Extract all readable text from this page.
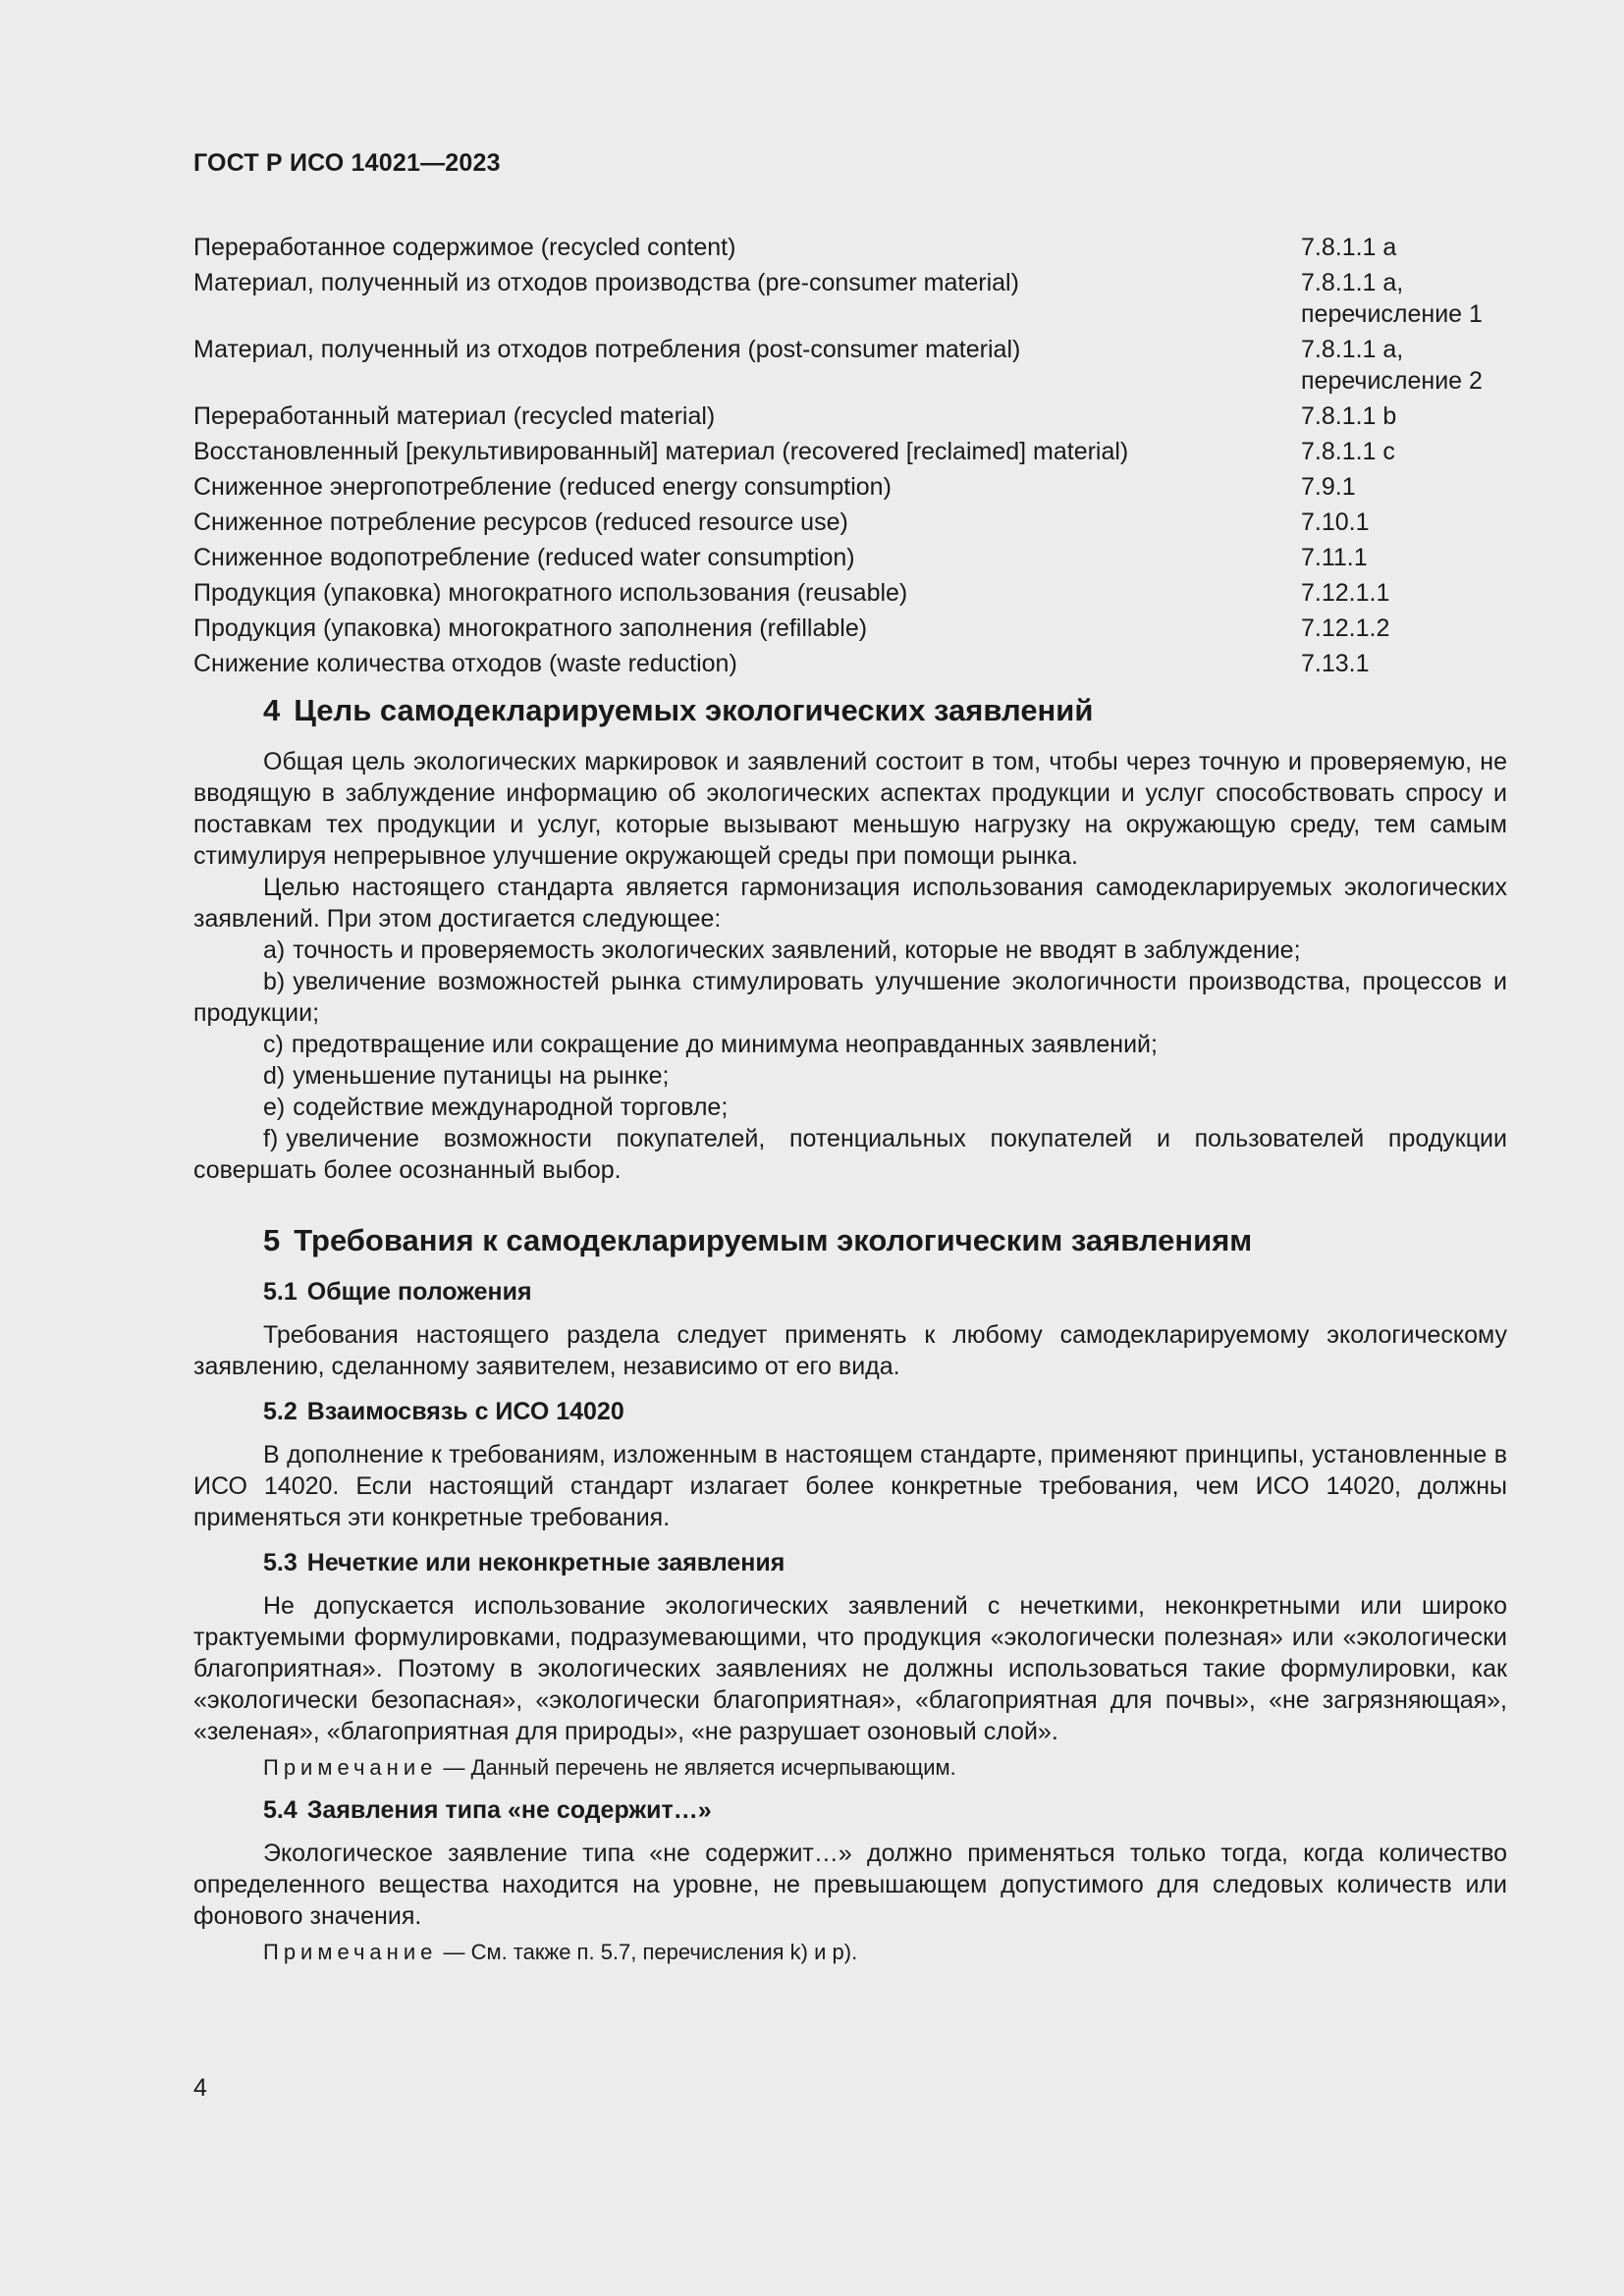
ГОСТ Р ИСО 14021—2023
Переработанное содержимое (recycled content)	7.8.1.1 a
Материал, полученный из отходов производства (pre-consumer material)	7.8.1.1 a,
перечисление 1
Материал, полученный из отходов потребления (post-consumer material)	7.8.1.1 a,
перечисление 2
Переработанный материал (recycled material)	7.8.1.1 b
Восстановленный [рекультивированный] материал (recovered [reclaimed] material)	7.8.1.1 c
Сниженное энергопотребление (reduced energy consumption)	7.9.1
Сниженное потребление ресурсов (reduced resource use)	7.10.1
Сниженное водопотребление (reduced water consumption)	7.11.1
Продукция (упаковка) многократного использования (reusable)	7.12.1.1
Продукция (упаковка) многократного заполнения (refillable)	7.12.1.2
Снижение количества отходов (waste reduction)	7.13.1
4 Цель самодекларируемых экологических заявлений

Общая цель экологических маркировок и заявлений состоит в том, чтобы через точную и проверяемую, не вводящую в заблуждение информацию об экологических аспектах продукции и услуг способствовать спросу и поставкам тех продукции и услуг, которые вызывают меньшую нагрузку на окружающую среду, тем самым стимулируя непрерывное улучшение окружающей среды при помощи рынка.

Целью настоящего стандарта является гармонизация использования самодекларируемых экологических заявлений. При этом достигается следующее:

a) точность и проверяемость экологических заявлений, которые не вводят в заблуждение;
b) увеличение возможностей рынка стимулировать улучшение экологичности производства, процессов и продукции;
c) предотвращение или сокращение до минимума неоправданных заявлений;
d) уменьшение путаницы на рынке;
e) содействие международной торговле;
f) увеличение возможности покупателей, потенциальных покупателей и пользователей продукции совершать более осознанный выбор.
5 Требования к самодекларируемым экологическим заявлениям
5.1 Общие положения

Требования настоящего раздела следует применять к любому самодекларируемому экологическому заявлению, сделанному заявителем, независимо от его вида.

5.2 Взаимосвязь с ИСО 14020

В дополнение к требованиям, изложенным в настоящем стандарте, применяют принципы, установленные в ИСО 14020. Если настоящий стандарт излагает более конкретные требования, чем ИСО 14020, должны применяться эти конкретные требования.

5.3 Нечеткие или неконкретные заявления

Не допускается использование экологических заявлений с нечеткими, неконкретными или широко трактуемыми формулировками, подразумевающими, что продукция «экологически полезная» или «экологически благоприятная». Поэтому в экологических заявлениях не должны использоваться такие формулировки, как «экологически безопасная», «экологически благоприятная», «благоприятная для почвы», «не загрязняющая», «зеленая», «благоприятная для природы», «не разрушает озоновый слой».

Примечание — Данный перечень не является исчерпывающим.
5.4 Заявления типа «не содержит…»

Экологическое заявление типа «не содержит…» должно применяться только тогда, когда количество определенного вещества находится на уровне, не превышающем допустимого для следовых количеств или фонового значения.

Примечание — См. также п. 5.7, перечисления k) и p).
4
